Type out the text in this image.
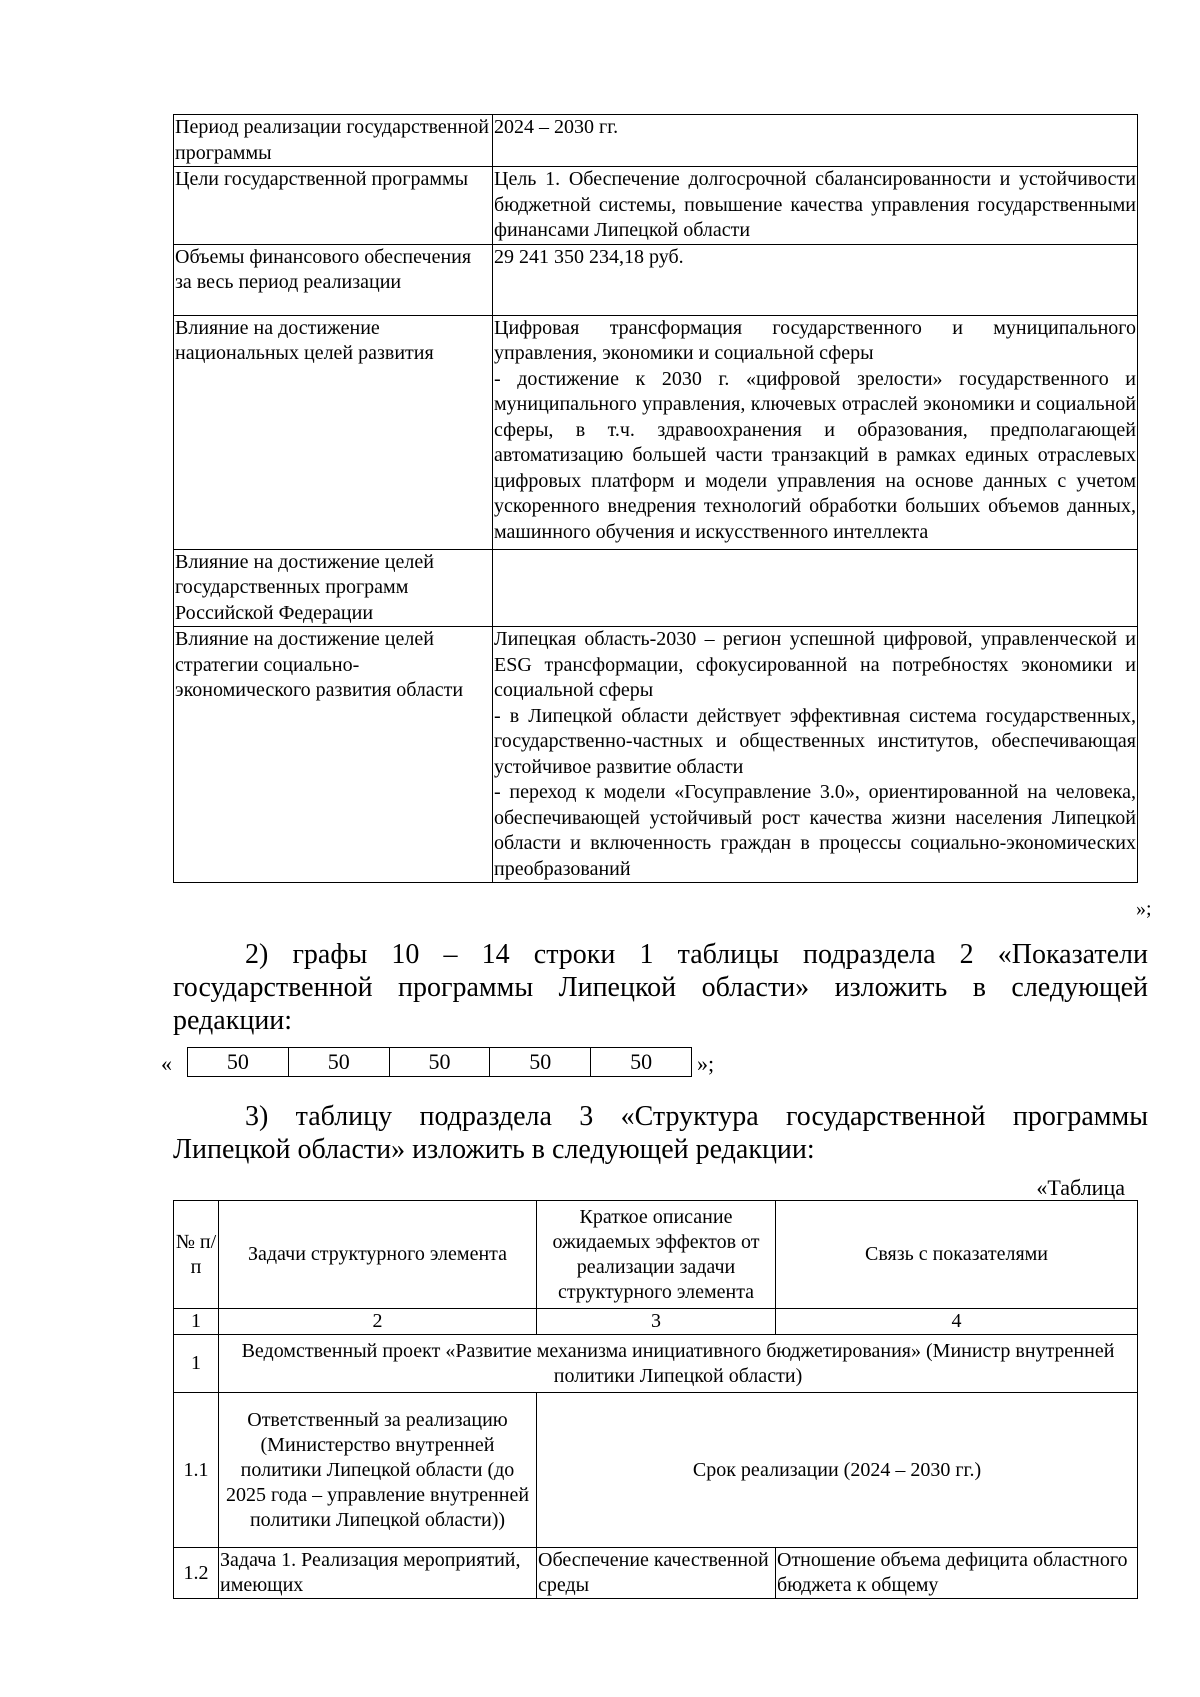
Период реализации государственной программы	2024 – 2030 гг.

Цели государственной программы	Цель 1. Обеспечение долгосрочной сбалансированности и устойчивости бюджетной системы, повышение качества управления государственными финансами Липецкой области

Объемы финансового обеспечения за весь период реализации	29 241 350 234,18 руб.

Влияние на достижение национальных целей развития	Цифровая трансформация государственного и муниципального управления, экономики и социальной сферы
- достижение к 2030 г. «цифровой зрелости» государственного и муниципального управления, ключевых отраслей экономики и социальной сферы, в т.ч. здравоохранения и образования, предполагающей автоматизацию большей части транзакций в рамках единых отраслевых цифровых платформ и модели управления на основе данных с учетом ускоренного внедрения технологий обработки больших объемов данных, машинного обучения и искусственного интеллекта

Влияние на достижение целей государственных программ Российской Федерации	

Влияние на достижение целей стратегии социально-экономического развития области	Липецкая область-2030 – регион успешной цифровой, управленческой и ESG трансформации, сфокусированной на потребностях экономики и социальной сферы
- в Липецкой области действует эффективная система государственных, государственно-частных и общественных институтов, обеспечивающая устойчивое развитие области
- переход к модели «Госуправление 3.0», ориентированной на человека, обеспечивающей устойчивый рост качества жизни населения Липецкой области и включенность граждан в процессы социально-экономических преобразований
»;
2) графы 10 – 14 строки 1 таблицы подраздела 2 «Показатели государственной программы Липецкой области» изложить в следующей редакции:
« 50	50	50	50	50 »;
3) таблицу подраздела 3 «Структура государственной программы Липецкой области» изложить в следующей редакции:
«Таблица
№ п/п	Задачи структурного элемента	Краткое описание ожидаемых эффектов от реализации задачи структурного элемента	Связь с показателями
1	2	3	4
1	Ведомственный проект «Развитие механизма инициативного бюджетирования» (Министр внутренней политики Липецкой области)		
1.1	Ответственный за реализацию (Министерство внутренней политики Липецкой области (до 2025 года – управление внутренней политики Липецкой области))	Срок реализации (2024 – 2030 гг.)	
1.2	Задача 1. Реализация мероприятий, имеющих	Обеспечение качественной среды	Отношение объема дефицита областного бюджета к общему
